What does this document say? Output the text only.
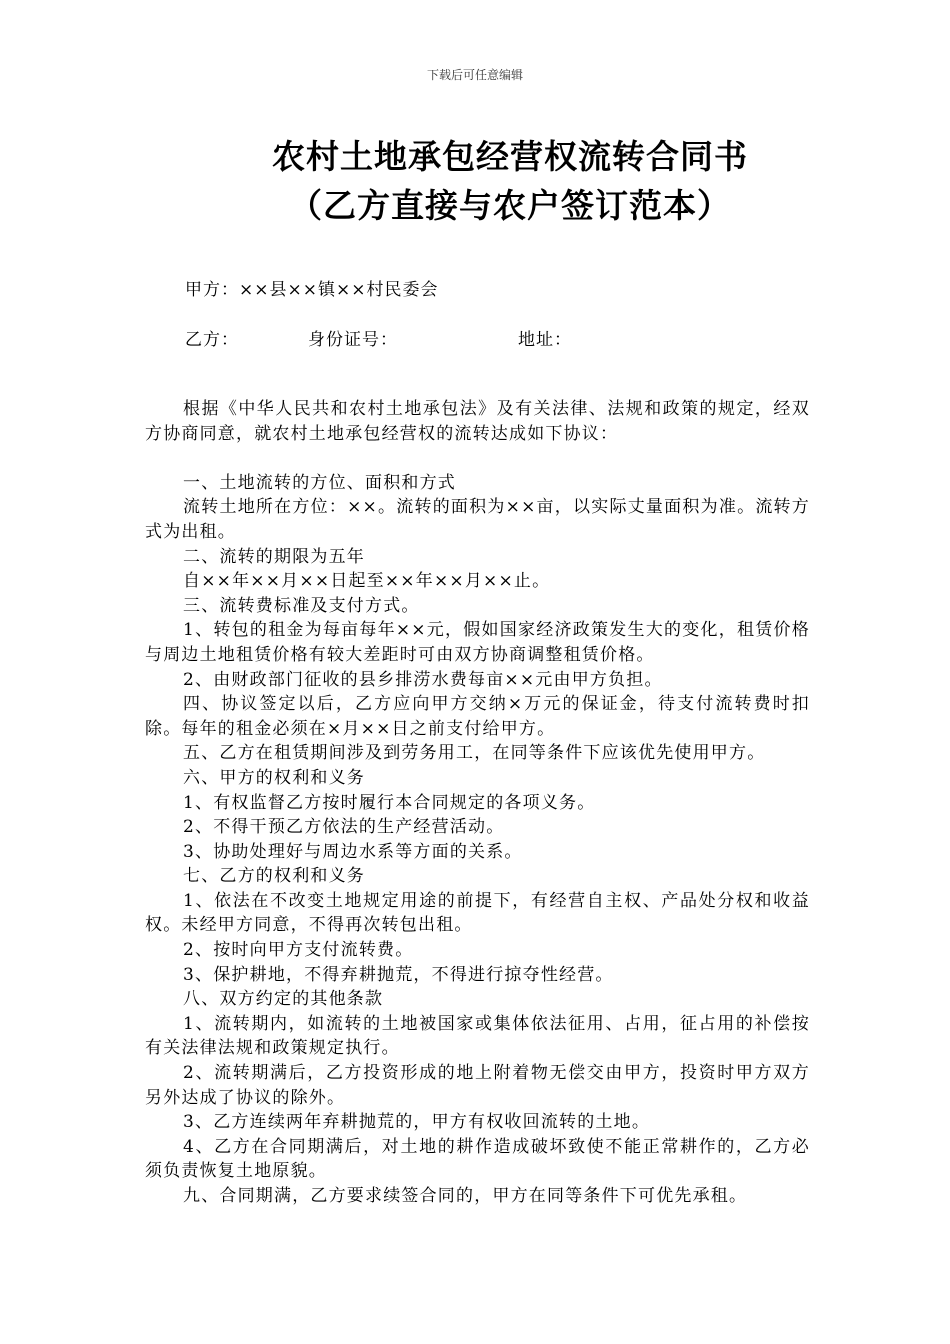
下载后可任意编辑
农村土地承包经营权流转合同书
（乙方直接与农户签订范本）
甲方：××县××镇××村民委会
乙方：	身份证号：	地址：

根据《中华人民共和农村土地承包法》及有关法律、法规和政策的规定，经双方协商同意，就农村土地承包经营权的流转达成如下协议：

一、土地流转的方位、面积和方式

流转土地所在方位：××。流转的面积为××亩，以实际丈量面积为准。流转方式为出租。

二、流转的期限为五年

自××年××月××日起至××年××月××止。

三、流转费标准及支付方式。

1、转包的租金为每亩每年××元，假如国家经济政策发生大的变化，租赁价格与周边土地租赁价格有较大差距时可由双方协商调整租赁价格。

2、由财政部门征收的县乡排涝水费每亩××元由甲方负担。

四、协议签定以后，乙方应向甲方交纳×万元的保证金，待支付流转费时扣除。每年的租金必须在×月××日之前支付给甲方。

五、乙方在租赁期间涉及到劳务用工，在同等条件下应该优先使用甲方。

六、甲方的权利和义务

1、有权监督乙方按时履行本合同规定的各项义务。

2、不得干预乙方依法的生产经营活动。

3、协助处理好与周边水系等方面的关系。

七、乙方的权利和义务

1、依法在不改变土地规定用途的前提下，有经营自主权、产品处分权和收益权。未经甲方同意，不得再次转包出租。

2、按时向甲方支付流转费。

3、保护耕地，不得弃耕抛荒，不得进行掠夺性经营。

八、双方约定的其他条款

1、流转期内，如流转的土地被国家或集体依法征用、占用，征占用的补偿按有关法律法规和政策规定执行。

2、流转期满后，乙方投资形成的地上附着物无偿交由甲方，投资时甲方双方另外达成了协议的除外。

3、乙方连续两年弃耕抛荒的，甲方有权收回流转的土地。

4、乙方在合同期满后，对土地的耕作造成破坏致使不能正常耕作的，乙方必须负责恢复土地原貌。

九、合同期满，乙方要求续签合同的，甲方在同等条件下可优先承租。
